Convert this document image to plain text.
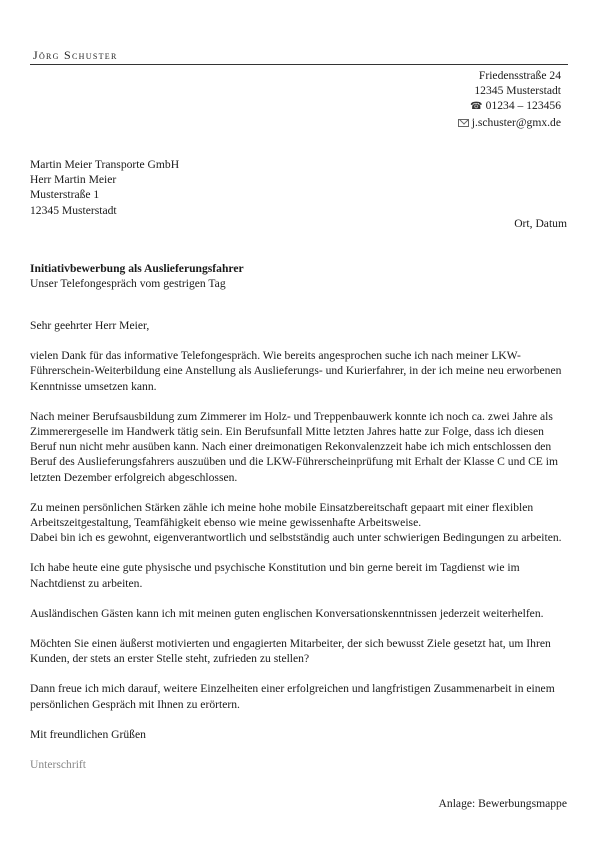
Jörg Schuster
Friedensstraße 24
12345 Musterstadt
☎ 01234 – 123456
j.schuster@gmx.de
Martin Meier Transporte GmbH
Herr Martin Meier
Musterstraße 1
12345 Musterstadt
Ort, Datum
Initiativbewerbung als Auslieferungsfahrer
Unser Telefongespräch vom gestrigen Tag

Sehr geehrter Herr Meier,

vielen Dank für das informative Telefongespräch. Wie bereits angesprochen suche ich nach meiner LKW-Führerschein-Weiterbildung eine Anstellung als Auslieferungs- und Kurierfahrer, in der ich meine neu erworbenen Kenntnisse umsetzen kann.

Nach meiner Berufsausbildung zum Zimmerer im Holz- und Treppenbauwerk konnte ich noch ca. zwei Jahre als Zimmerergeselle im Handwerk tätig sein. Ein Berufsunfall Mitte letzten Jahres hatte zur Folge, dass ich diesen Beruf nun nicht mehr ausüben kann. Nach einer dreimonatigen Rekonvalenzzeit habe ich mich entschlossen den Beruf des Auslieferungsfahrers auszuüben und die LKW-Führerscheinprüfung mit Erhalt der Klasse C und CE im letzten Dezember erfolgreich abgeschlossen.

Zu meinen persönlichen Stärken zähle ich meine hohe mobile Einsatzbereitschaft gepaart mit einer flexiblen Arbeitszeitgestaltung, Teamfähigkeit ebenso wie meine gewissenhafte Arbeitsweise.
Dabei bin ich es gewohnt, eigenverantwortlich und selbstständig auch unter schwierigen Bedingungen zu arbeiten.

Ich habe heute eine gute physische und psychische Konstitution und bin gerne bereit im Tagdienst wie im Nachtdienst zu arbeiten.

Ausländischen Gästen kann ich mit meinen guten englischen Konversationskenntnissen jederzeit weiterhelfen.

Möchten Sie einen äußerst motivierten und engagierten Mitarbeiter, der sich bewusst Ziele gesetzt hat, um Ihren Kunden, der stets an erster Stelle steht, zufrieden zu stellen?

Dann freue ich mich darauf, weitere Einzelheiten einer erfolgreichen und langfristigen Zusammenarbeit in einem persönlichen Gespräch mit Ihnen zu erörtern.

Mit freundlichen Grüßen

Unterschrift

Anlage: Bewerbungsmappe
